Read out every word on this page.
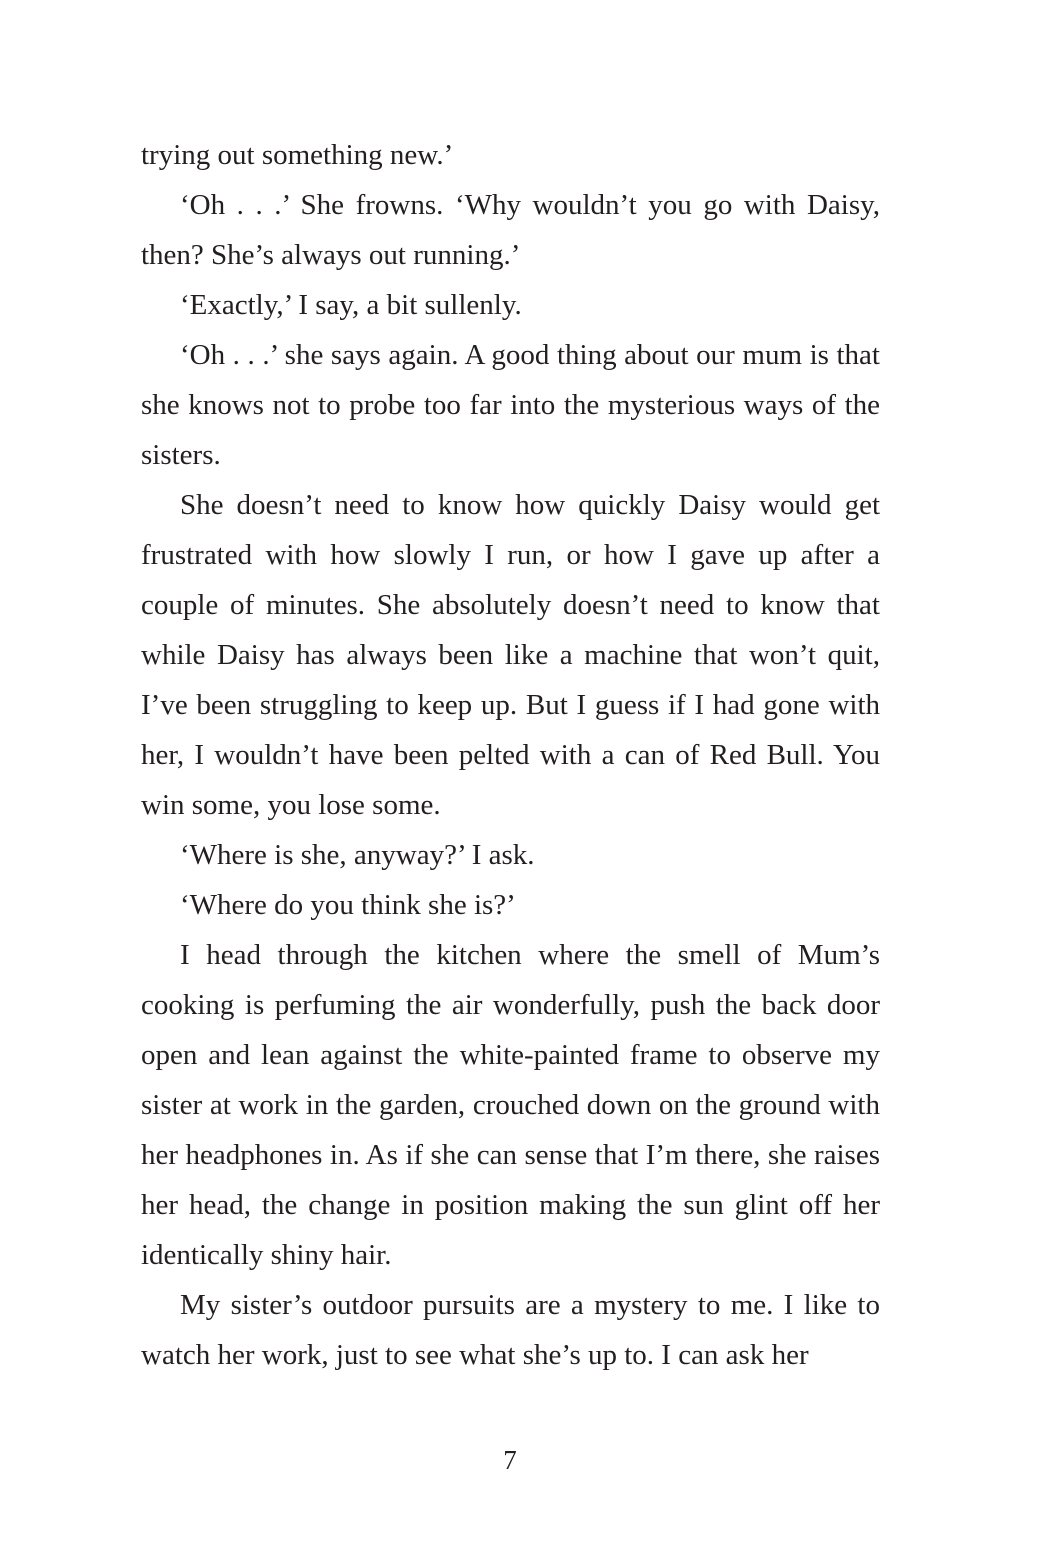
trying out something new.’

‘Oh . . .’ She frowns. ‘Why wouldn’t you go with Daisy, then? She’s always out running.’

‘Exactly,’ I say, a bit sullenly.

‘Oh . . .’ she says again. A good thing about our mum is that she knows not to probe too far into the mysterious ways of the sisters.

She doesn’t need to know how quickly Daisy would get frustrated with how slowly I run, or how I gave up after a couple of minutes. She absolutely doesn’t need to know that while Daisy has always been like a machine that won’t quit, I’ve been struggling to keep up. But I guess if I had gone with her, I wouldn’t have been pelted with a can of Red Bull. You win some, you lose some.

‘Where is she, anyway?’ I ask.

‘Where do you think she is?’

I head through the kitchen where the smell of Mum’s cooking is perfuming the air wonderfully, push the back door open and lean against the white-painted frame to observe my sister at work in the garden, crouched down on the ground with her headphones in. As if she can sense that I’m there, she raises her head, the change in position making the sun glint off her identically shiny hair.

My sister’s outdoor pursuits are a mystery to me. I like to watch her work, just to see what she’s up to. I can ask her

7
